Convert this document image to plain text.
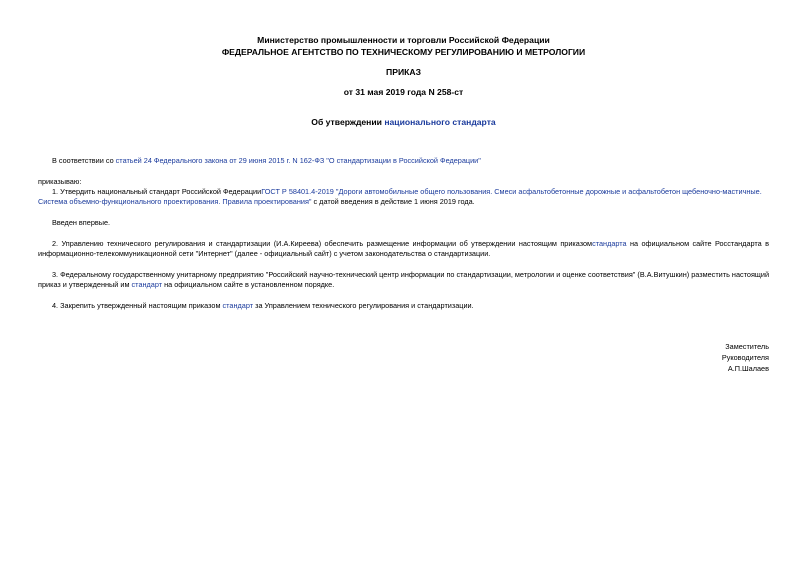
Министерство промышленности и торговли Российской Федерации
ФЕДЕРАЛЬНОЕ АГЕНТСТВО ПО ТЕХНИЧЕСКОМУ РЕГУЛИРОВАНИЮ И МЕТРОЛОГИИ
ПРИКАЗ
от 31 мая 2019 года N 258-ст
Об утверждении национального стандарта
В соответствии со статьей 24 Федерального закона от 29 июня 2015 г. N 162-ФЗ "О стандартизации в Российской Федерации"
приказываю:
1. Утвердить национальный стандарт Российской ФедерацииГОСТ Р 58401.4-2019 "Дороги автомобильные общего пользования. Смеси асфальтобетонные дорожные и асфальтобетон щебеночно-мастичные.
Система объемно-функционального проектирования. Правила проектирования" с датой введения в действие 1 июня 2019 года.
Введен впервые.
2. Управлению технического регулирования и стандартизации (И.А.Киреева) обеспечить размещение информации об утверждении настоящим приказомстандарта на официальном сайте Росстандарта в
информационно-телекоммуникационной сети "Интернет" (далее - официальный сайт) с учетом законодательства о стандартизации.
3. Федеральному государственному унитарному предприятию "Российский научно-технический центр информации по стандартизации, метрологии и оценке соответствия" (В.А.Витушкин) разместить настоящий
приказ и утвержденный им стандарт на официальном сайте в установленном порядке.
4. Закрепить утвержденный настоящим приказом стандарт за Управлением технического регулирования и стандартизации.
Заместитель
Руководителя
А.П.Шалаев
